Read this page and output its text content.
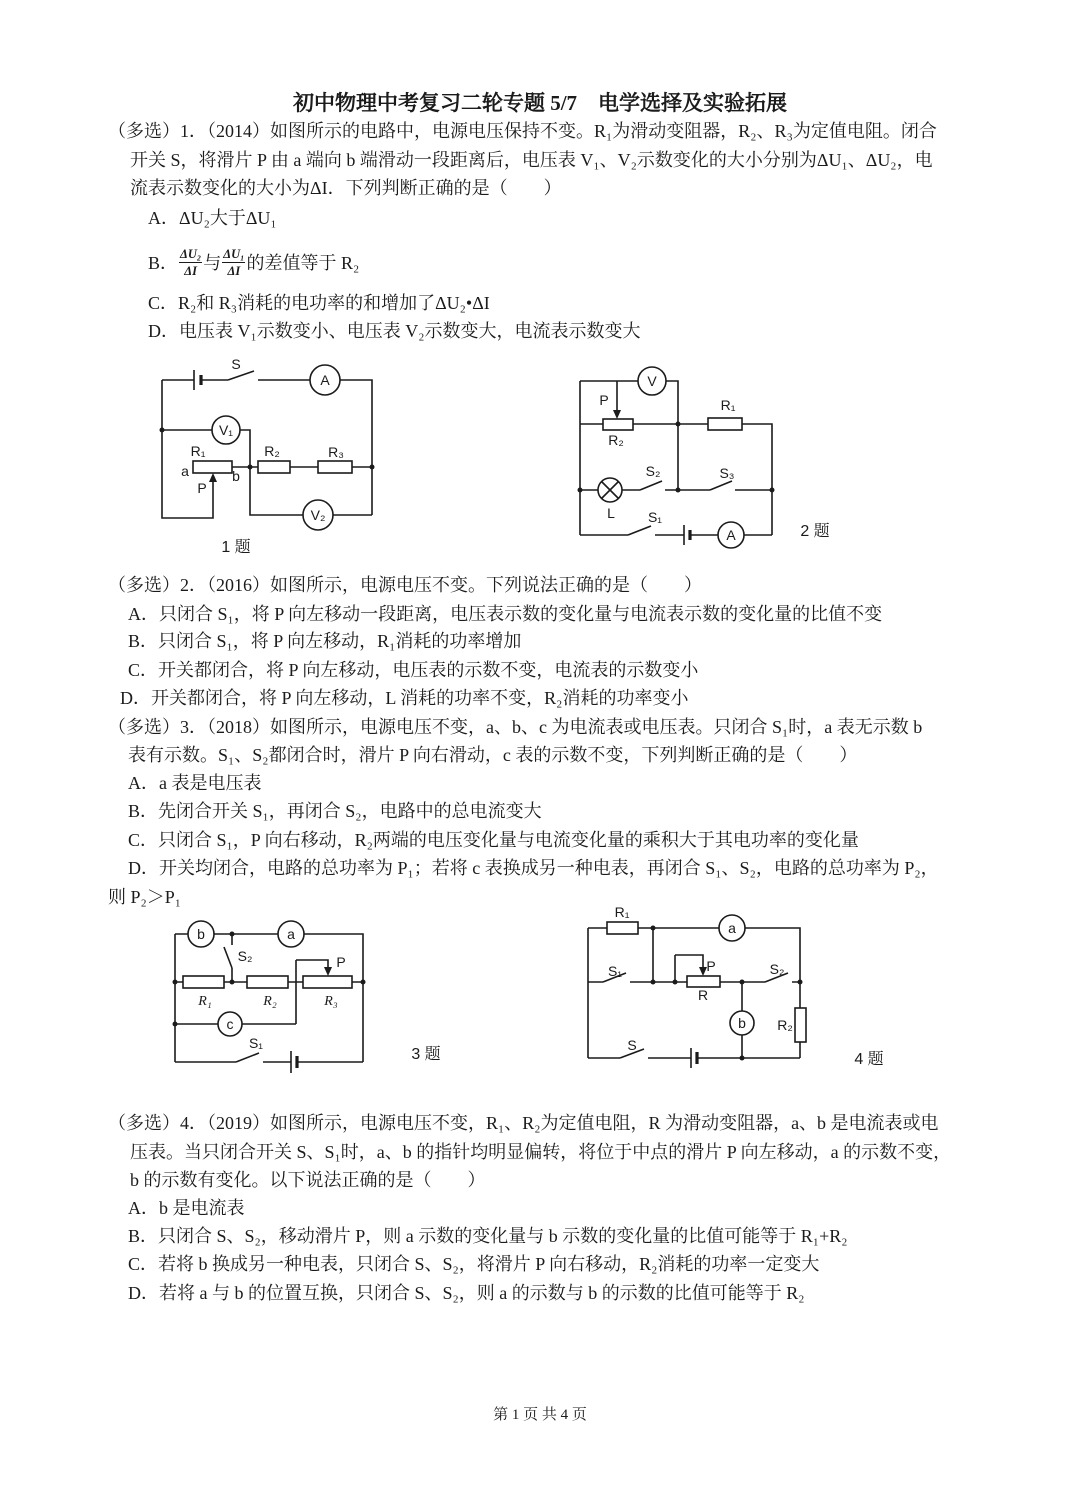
初中物理中考复习二轮专题 5/7　电学选择及实验拓展
（多选）1．（2014）如图所示的电路中，电源电压保持不变。R₁为滑动变阻器，R₂、R₃为定值电阻。闭合
开关 S，将滑片 P 由 a 端向 b 端滑动一段距离后，电压表 V₁、V₂示数变化的大小分别为ΔU₁、ΔU₂，电
流表示数变化的大小为ΔI．下列判断正确的是（　　）
A．ΔU₂大于ΔU₁
B． $\frac{\text{ΔU₂}}{\Delta I}$ 与 $\frac{\text{ΔU₁}}{\Delta I}$ 的差值等于 R₂
C．R₂和 R₃消耗的电功率的和增加了ΔU₂•ΔI
D．电压表 V₁示数变小、电压表 V₂示数变大，电流表示数变大
S
A
V₁
V₂
R₁	R₂	R₃
a	b
P
1 题
V
P
R₂
R₁
S₂	S₃
L S₁
A	2 题
（多选）2．（2016）如图所示，电源电压不变。下列说法正确的是（　　）
A．只闭合 S₁，将 P 向左移动一段距离，电压表示数的变化量与电流表示数的变化量的比值不变
B．只闭合 S₁，将 P 向左移动，R₁消耗的功率增加
C．开关都闭合，将 P 向左移动，电压表的示数不变，电流表的示数变小
D．开关都闭合，将 P 向左移动，L 消耗的功率不变，R₂消耗的功率变小
（多选）3．（2018）如图所示，电源电压不变，a、b、c 为电流表或电压表。只闭合 S₁时，a 表无示数 b
表有示数。S₁、S₂都闭合时，滑片 P 向右滑动，c 表的示数不变，下列判断正确的是（　　）
A．a 表是电压表
B．先闭合开关 S₁，再闭合 S₂，电路中的总电流变大
C．只闭合 S₁，P 向右移动，R₂两端的电压变化量与电流变化量的乘积大于其电功率的变化量
D．开关均闭合，电路的总功率为 P₁；若将 c 表换成另一种电表，再闭合 S₁、S₂，电路的总功率为 P₂，
则 P₂＞P₁
b	a
c
S₂	P
R₁	R₂	R₃
S₁
3 题
R₁
a
S₁	P
R
S₂
b R₂
S
4 题
（多选）4．（2019）如图所示，电源电压不变，R₁、R₂为定值电阻，R 为滑动变阻器，a、b 是电流表或电
压表。当只闭合开关 S、S₁时，a、b 的指针均明显偏转，将位于中点的滑片 P 向左移动，a 的示数不变，
b 的示数有变化。以下说法正确的是（　　）
A．b 是电流表
B．只闭合 S、S₂，移动滑片 P，则 a 示数的变化量与 b 示数的变化量的比值可能等于 R₁+R₂
C．若将 b 换成另一种电表，只闭合 S、S₂，将滑片 P 向右移动，R₂消耗的功率一定变大
D．若将 a 与 b 的位置互换，只闭合 S、S₂，则 a 的示数与 b 的示数的比值可能等于 R₂
第 1 页 共 4 页
